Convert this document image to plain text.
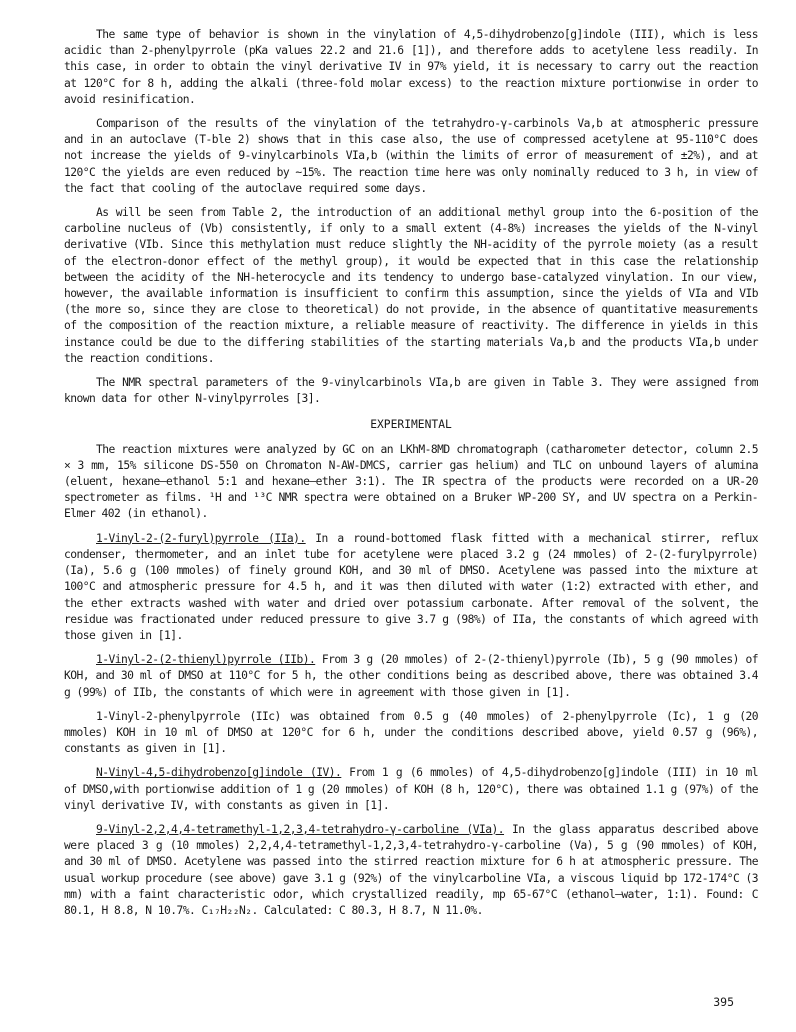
The same type of behavior is shown in the vinylation of 4,5-dihydrobenzo[g]indole (III), which is less acidic than 2-phenylpyrrole (pKa values 22.2 and 21.6 [1]), and therefore adds to acetylene less readily. In this case, in order to obtain the vinyl derivative IV in 97% yield, it is necessary to carry out the reaction at 120°C for 8 h, adding the alkali (three-fold molar excess) to the reaction mixture portionwise in order to avoid resinification.

Comparison of the results of the vinylation of the tetrahydro-γ-carbinols Va,b at atmospheric pressure and in an autoclave (T-ble 2) shows that in this case also, the use of compressed acetylene at 95-110°C does not increase the yields of 9-vinylcarbinols VIa,b (within the limits of error of measurement of ±2%), and at 120°C the yields are even reduced by ~15%. The reaction time here was only nominally reduced to 3 h, in view of the fact that cooling of the autoclave required some days.

As will be seen from Table 2, the introduction of an additional methyl group into the 6-position of the carboline nucleus of (Vb) consistently, if only to a small extent (4-8%) increases the yields of the N-vinyl derivative (VIb. Since this methylation must reduce slightly the NH-acidity of the pyrrole moiety (as a result of the electron-donor effect of the methyl group), it would be expected that in this case the relationship between the acidity of the NH-heterocycle and its tendency to undergo base-catalyzed vinylation. In our view, however, the available information is insufficient to confirm this assumption, since the yields of VIa and VIb (the more so, since they are close to theoretical) do not provide, in the absence of quantitative measurements of the composition of the reaction mixture, a reliable measure of reactivity. The difference in yields in this instance could be due to the differing stabilities of the starting materials Va,b and the products VIa,b under the reaction conditions.

The NMR spectral parameters of the 9-vinylcarbinols VIa,b are given in Table 3. They were assigned from known data for other N-vinylpyrroles [3].

EXPERIMENTAL

The reaction mixtures were analyzed by GC on an LKhM-8MD chromatograph (catharometer detector, column 2.5 × 3 mm, 15% silicone DS-550 on Chromaton N-AW-DMCS, carrier gas helium) and TLC on unbound layers of alumina (eluent, hexane—ethanol 5:1 and hexane—ether 3:1). The IR spectra of the products were recorded on a UR-20 spectrometer as films. ¹H and ¹³C NMR spectra were obtained on a Bruker WP-200 SY, and UV spectra on a Perkin-Elmer 402 (in ethanol).

1-Vinyl-2-(2-furyl)pyrrole (IIa). In a round-bottomed flask fitted with a mechanical stirrer, reflux condenser, thermometer, and an inlet tube for acetylene were placed 3.2 g (24 mmoles) of 2-(2-furylpyrrole) (Ia), 5.6 g (100 mmoles) of finely ground KOH, and 30 ml of DMSO. Acetylene was passed into the mixture at 100°C and atmospheric pressure for 4.5 h, and it was then diluted with water (1:2) extracted with ether, and the ether extracts washed with water and dried over potassium carbonate. After removal of the solvent, the residue was fractionated under reduced pressure to give 3.7 g (98%) of IIa, the constants of which agreed with those given in [1].

1-Vinyl-2-(2-thienyl)pyrrole (IIb). From 3 g (20 mmoles) of 2-(2-thienyl)pyrrole (Ib), 5 g (90 mmoles) of KOH, and 30 ml of DMSO at 110°C for 5 h, the other conditions being as described above, there was obtained 3.4 g (99%) of IIb, the constants of which were in agreement with those given in [1].

1-Vinyl-2-phenylpyrrole (IIc) was obtained from 0.5 g (40 mmoles) of 2-phenylpyrrole (Ic), 1 g (20 mmoles) KOH in 10 ml of DMSO at 120°C for 6 h, under the conditions described above, yield 0.57 g (96%), constants as given in [1].

N-Vinyl-4,5-dihydrobenzo[g]indole (IV). From 1 g (6 mmoles) of 4,5-dihydrobenzo[g]indole (III) in 10 ml of DMSO,with portionwise addition of 1 g (20 mmoles) of KOH (8 h, 120°C), there was obtained 1.1 g (97%) of the vinyl derivative IV, with constants as given in [1].

9-Vinyl-2,2,4,4-tetramethyl-1,2,3,4-tetrahydro-γ-carboline (VIa). In the glass apparatus described above were placed 3 g (10 mmoles) 2,2,4,4-tetramethyl-1,2,3,4-tetrahydro-γ-carboline (Va), 5 g (90 mmoles) of KOH, and 30 ml of DMSO. Acetylene was passed into the stirred reaction mixture for 6 h at atmospheric pressure. The usual workup procedure (see above) gave 3.1 g (92%) of the vinylcarboline VIa, a viscous liquid bp 172-174°C (3 mm) with a faint characteristic odor, which crystallized readily, mp 65-67°C (ethanol—water, 1:1). Found: C 80.1, H 8.8, N 10.7%. C₁₇H₂₂N₂. Calculated: C 80.3, H 8.7, N 11.0%.

395
